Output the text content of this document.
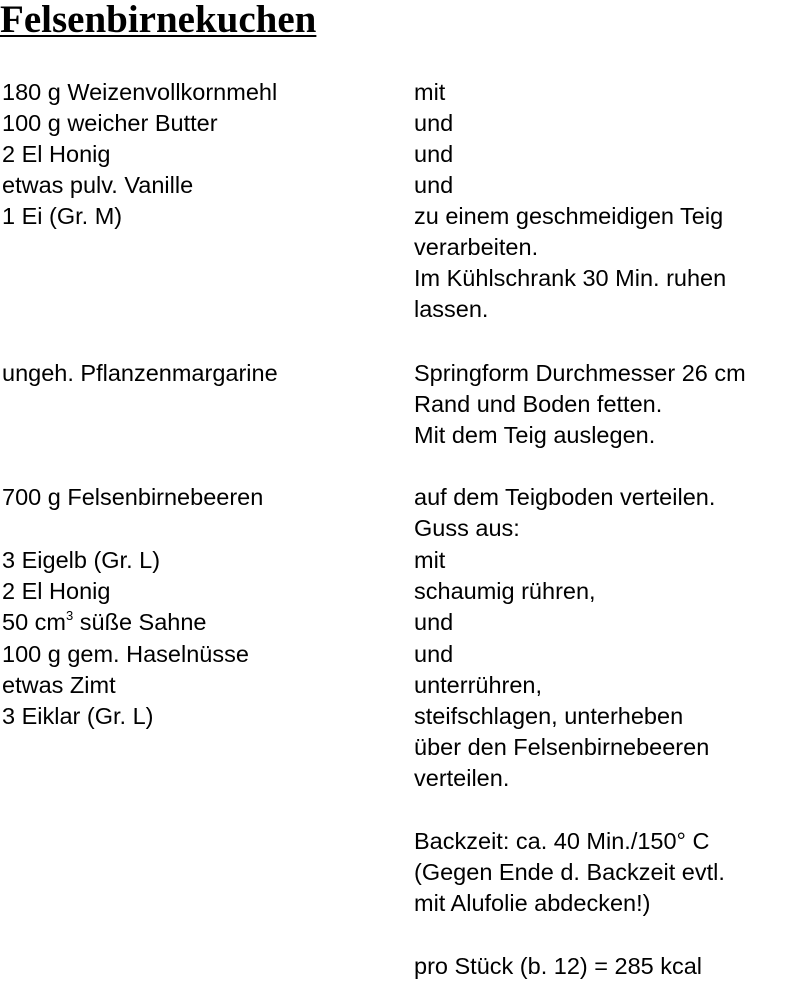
Felsenbirnekuchen
180 g Weizenvollkornmehl	mit
100 g weicher Butter	und
2 El Honig	und
etwas pulv. Vanille	und
1 Ei (Gr. M)	zu einem geschmeidigen Teig
verarbeiten.
Im Kühlschrank 30 Min. ruhen
lassen.
ungeh. Pflanzenmargarine	Springform Durchmesser 26 cm
Rand und Boden fetten.
Mit dem Teig auslegen.
700 g Felsenbirnebeeren	auf dem Teigboden verteilen.
Guss aus:
3 Eigelb (Gr. L)	mit
2 El Honig	schaumig rühren,
50 $cm^3$ süße Sahne	und
100 g gem. Haselnüsse	und
etwas Zimt	unterrühren,
3 Eiklar (Gr. L)	steifschlagen, unterheben
über den Felsenbirnebeeren
verteilen.
Backzeit: ca. 40 Min./150° C
(Gegen Ende d. Backzeit evtl.
mit Alufolie abdecken!)
pro Stück (b. 12) = 285 kcal
